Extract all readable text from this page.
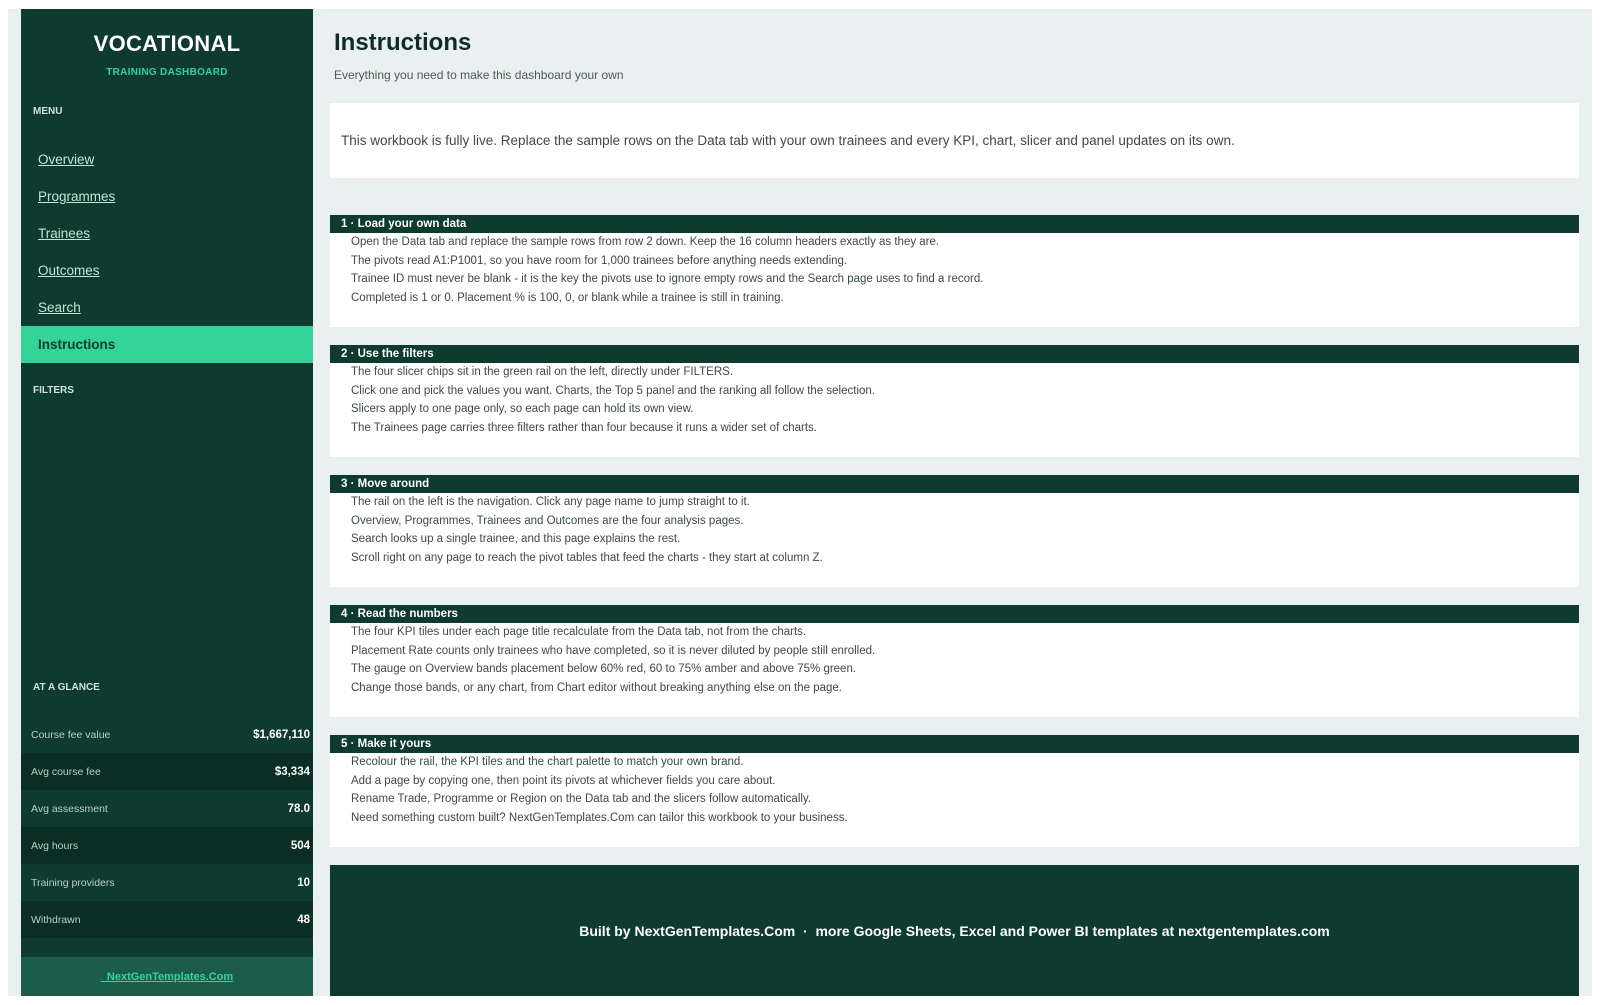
VOCATIONAL
TRAINING DASHBOARD
MENU
Overview
Programmes
Trainees
Outcomes
Search
Instructions
FILTERS
AT A GLANCE
Course fee value	$1,667,110
Avg course fee	$3,334
Avg assessment	78.0
Avg hours	504
Training providers	10
Withdrawn	48
_NextGenTemplates.Com
Instructions
Everything you need to make this dashboard your own
This workbook is fully live. Replace the sample rows on the Data tab with your own trainees and every KPI, chart, slicer and panel updates on its own.
1 · Load your own data
Open the Data tab and replace the sample rows from row 2 down. Keep the 16 column headers exactly as they are.
The pivots read A1:P1001, so you have room for 1,000 trainees before anything needs extending.
Trainee ID must never be blank - it is the key the pivots use to ignore empty rows and the Search page uses to find a record.
Completed is 1 or 0. Placement % is 100, 0, or blank while a trainee is still in training.
2 · Use the filters
The four slicer chips sit in the green rail on the left, directly under FILTERS.
Click one and pick the values you want. Charts, the Top 5 panel and the ranking all follow the selection.
Slicers apply to one page only, so each page can hold its own view.
The Trainees page carries three filters rather than four because it runs a wider set of charts.
3 · Move around
The rail on the left is the navigation. Click any page name to jump straight to it.
Overview, Programmes, Trainees and Outcomes are the four analysis pages.
Search looks up a single trainee, and this page explains the rest.
Scroll right on any page to reach the pivot tables that feed the charts - they start at column Z.
4 · Read the numbers
The four KPI tiles under each page title recalculate from the Data tab, not from the charts.
Placement Rate counts only trainees who have completed, so it is never diluted by people still enrolled.
The gauge on Overview bands placement below 60% red, 60 to 75% amber and above 75% green.
Change those bands, or any chart, from Chart editor without breaking anything else on the page.
5 · Make it yours
Recolour the rail, the KPI tiles and the chart palette to match your own brand.
Add a page by copying one, then point its pivots at whichever fields you care about.
Rename Trade, Programme or Region on the Data tab and the slicers follow automatically.
Need something custom built? NextGenTemplates.Com can tailor this workbook to your business.
Built by NextGenTemplates.Com  ·  more Google Sheets, Excel and Power BI templates at nextgentemplates.com
